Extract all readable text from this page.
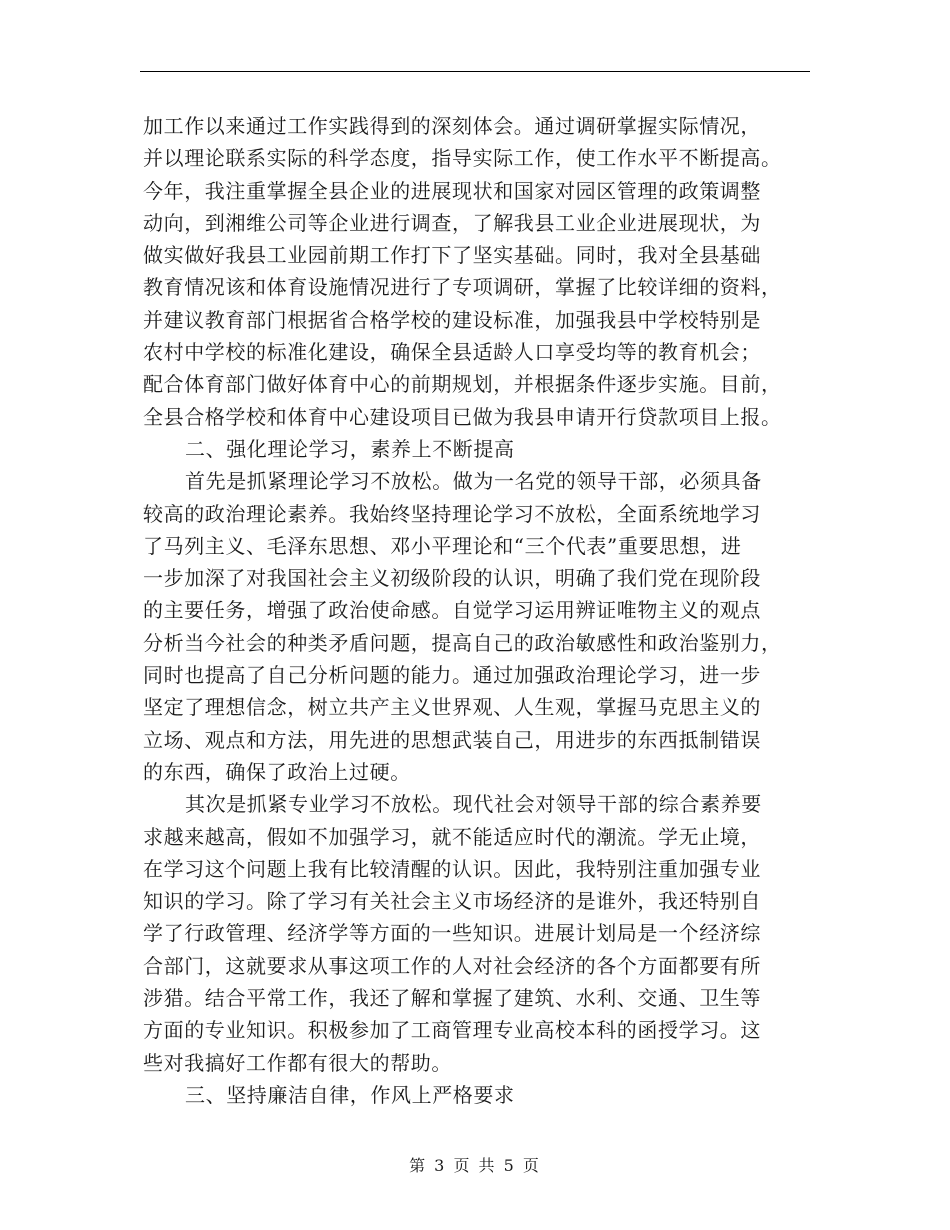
加工作以来通过工作实践得到的深刻体会。通过调研掌握实际情况，
并以理论联系实际的科学态度，指导实际工作，使工作水平不断提高。
今年，我注重掌握全县企业的进展现状和国家对园区管理的政策调整
动向，到湘维公司等企业进行调查，了解我县工业企业进展现状，为
做实做好我县工业园前期工作打下了坚实基础。同时，我对全县基础
教育情况该和体育设施情况进行了专项调研，掌握了比较详细的资料，
并建议教育部门根据省合格学校的建设标准，加强我县中学校特别是
农村中学校的标准化建设，确保全县适龄人口享受均等的教育机会；
配合体育部门做好体育中心的前期规划，并根据条件逐步实施。目前，
全县合格学校和体育中心建设项目已做为我县申请开行贷款项目上报。
二、强化理论学习，素养上不断提高
首先是抓紧理论学习不放松。做为一名党的领导干部，必须具备
较高的政治理论素养。我始终坚持理论学习不放松，全面系统地学习
了马列主义、毛泽东思想、邓小平理论和“三个代表”重要思想，进
一步加深了对我国社会主义初级阶段的认识，明确了我们党在现阶段
的主要任务，增强了政治使命感。自觉学习运用辨证唯物主义的观点
分析当今社会的种类矛盾问题，提高自己的政治敏感性和政治鉴别力，
同时也提高了自己分析问题的能力。通过加强政治理论学习，进一步
坚定了理想信念，树立共产主义世界观、人生观，掌握马克思主义的
立场、观点和方法，用先进的思想武装自己，用进步的东西抵制错误
的东西，确保了政治上过硬。
其次是抓紧专业学习不放松。现代社会对领导干部的综合素养要
求越来越高，假如不加强学习，就不能适应时代的潮流。学无止境，
在学习这个问题上我有比较清醒的认识。因此，我特别注重加强专业
知识的学习。除了学习有关社会主义市场经济的是谁外，我还特别自
学了行政管理、经济学等方面的一些知识。进展计划局是一个经济综
合部门，这就要求从事这项工作的人对社会经济的各个方面都要有所
涉猎。结合平常工作，我还了解和掌握了建筑、水利、交通、卫生等
方面的专业知识。积极参加了工商管理专业高校本科的函授学习。这
些对我搞好工作都有很大的帮助。
三、坚持廉洁自律，作风上严格要求
第 3 页 共 5 页
